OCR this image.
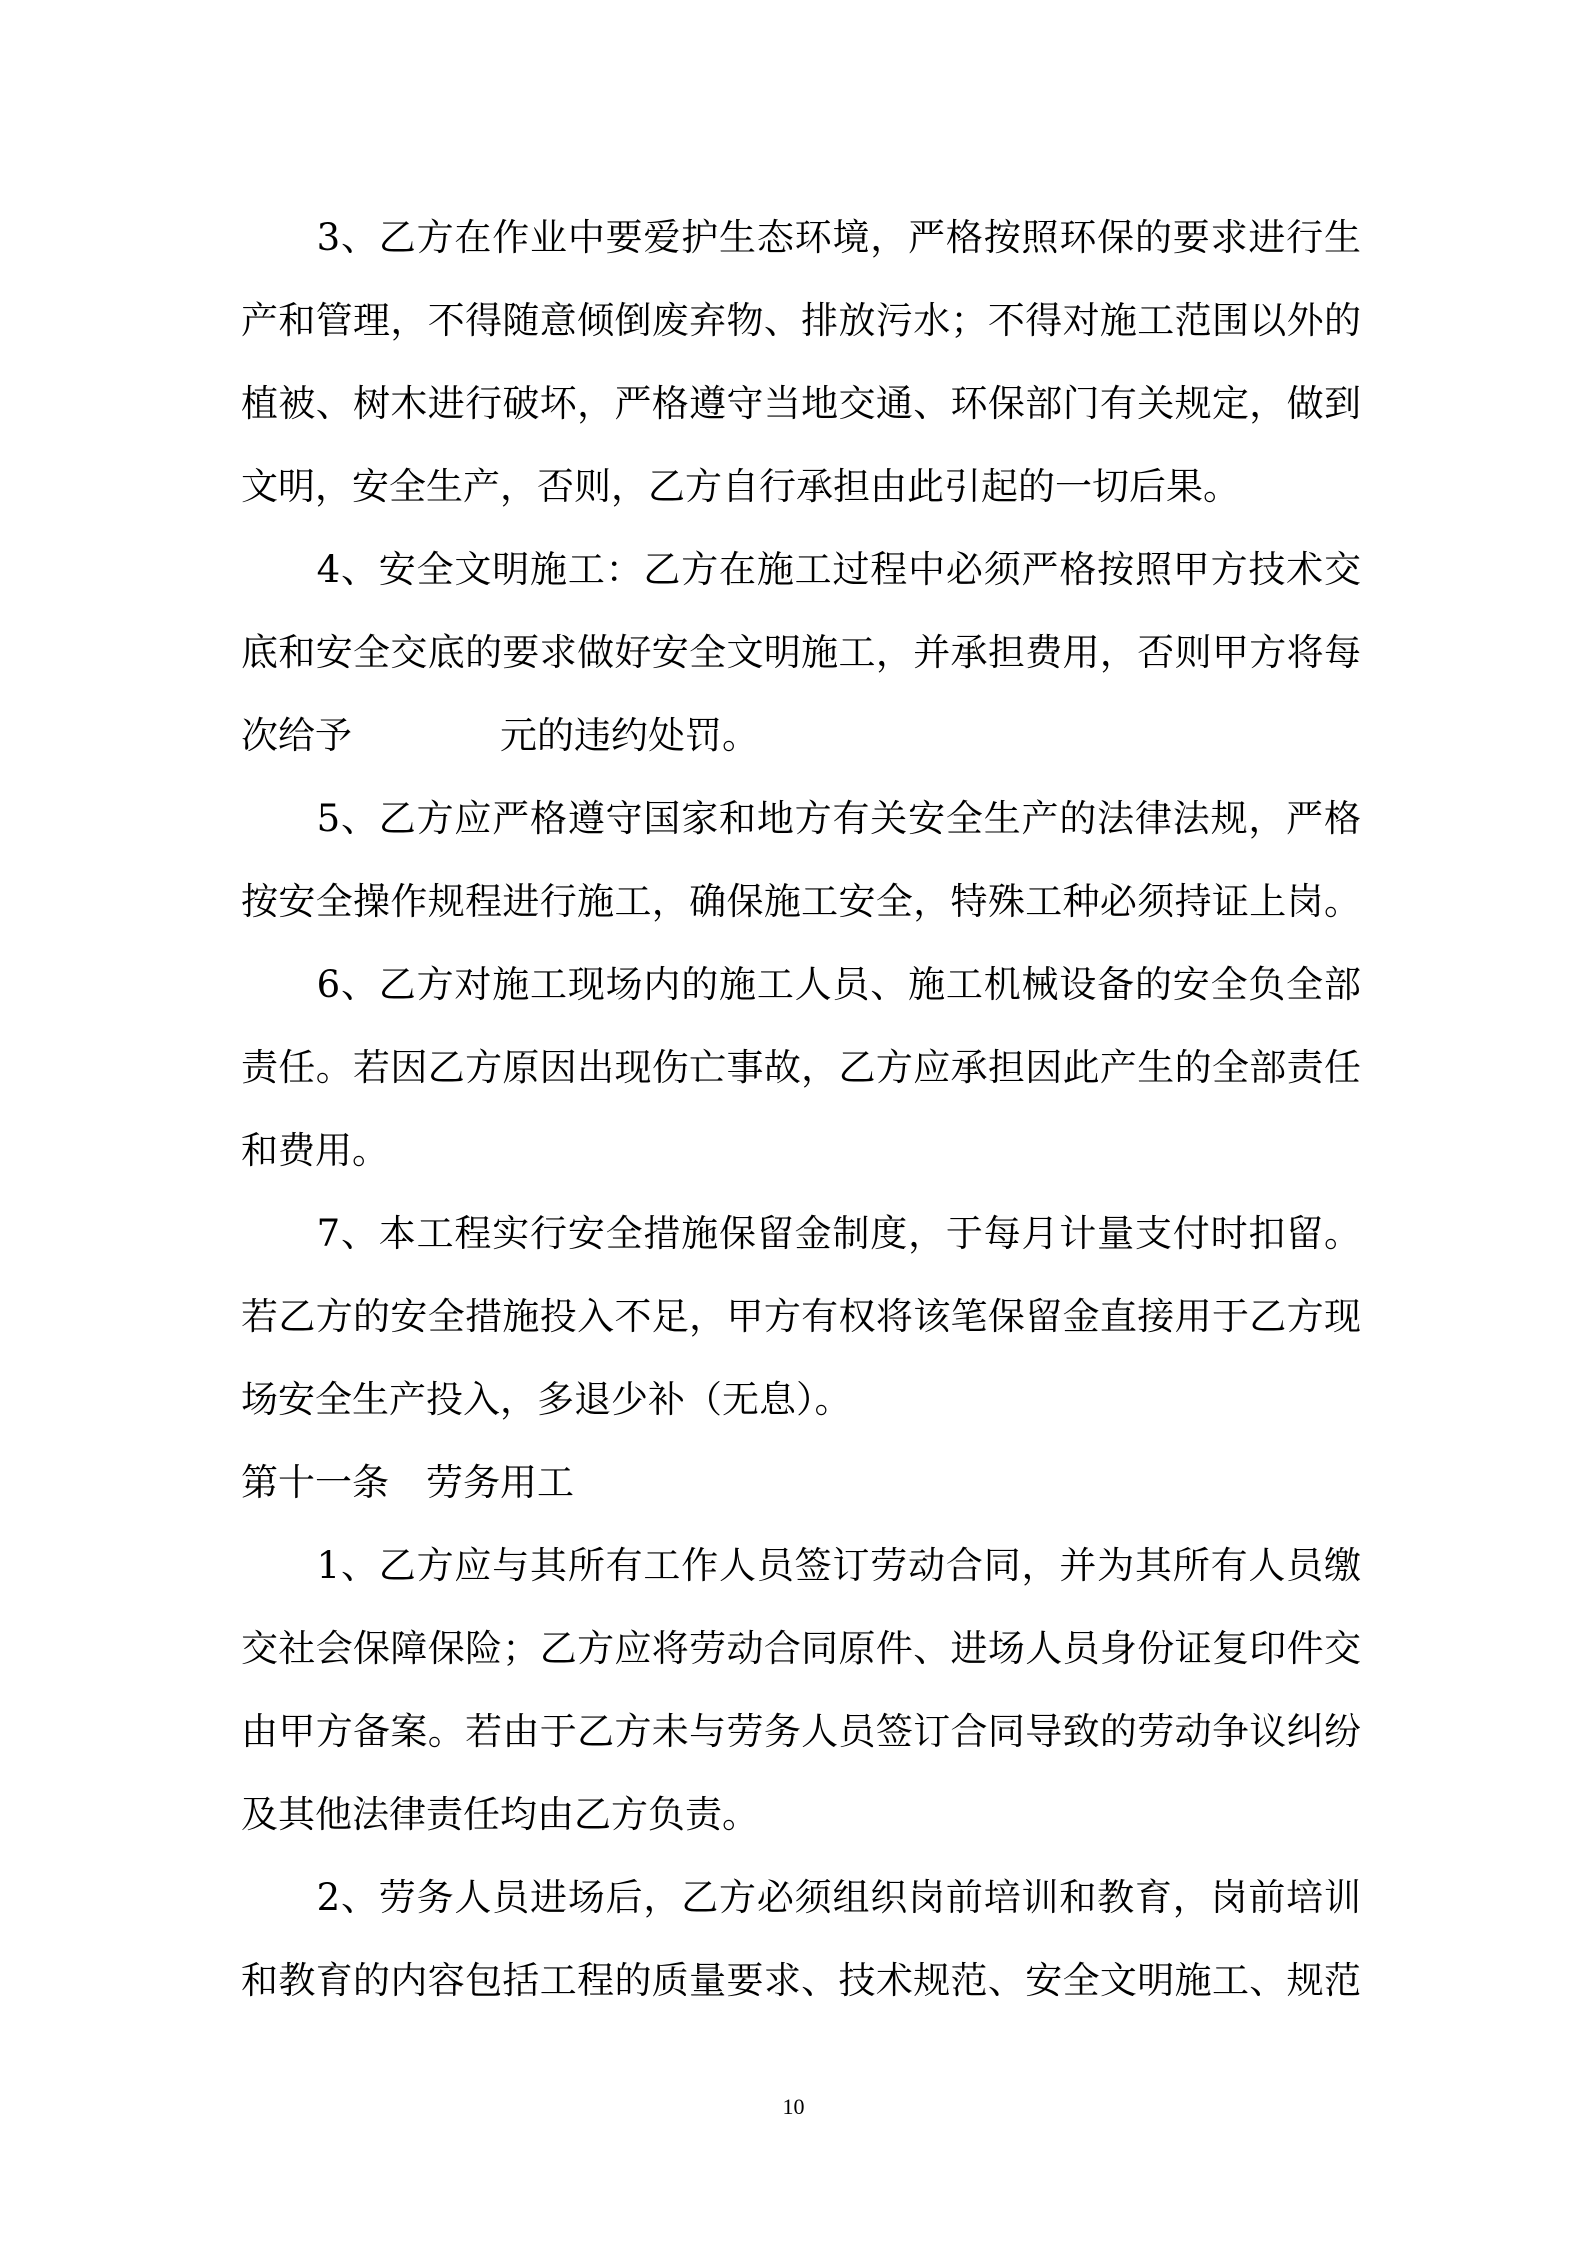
　　3、乙方在作业中要爱护生态环境，严格按照环保的要求进行生
产和管理，不得随意倾倒废弃物、排放污水；不得对施工范围以外的
植被、树木进行破坏，严格遵守当地交通、环保部门有关规定，做到
文明，安全生产，否则，乙方自行承担由此引起的一切后果。
　　4、安全文明施工：乙方在施工过程中必须严格按照甲方技术交
底和安全交底的要求做好安全文明施工，并承担费用，否则甲方将每
次给予　　　　元的违约处罚。
　　5、乙方应严格遵守国家和地方有关安全生产的法律法规，严格
按安全操作规程进行施工，确保施工安全，特殊工种必须持证上岗。
　　6、乙方对施工现场内的施工人员、施工机械设备的安全负全部
责任。若因乙方原因出现伤亡事故，乙方应承担因此产生的全部责任
和费用。
　　7、本工程实行安全措施保留金制度，于每月计量支付时扣留。
若乙方的安全措施投入不足，甲方有权将该笔保留金直接用于乙方现
场安全生产投入，多退少补（无息）。
第十一条　劳务用工
　　1、乙方应与其所有工作人员签订劳动合同，并为其所有人员缴
交社会保障保险；乙方应将劳动合同原件、进场人员身份证复印件交
由甲方备案。若由于乙方未与劳务人员签订合同导致的劳动争议纠纷
及其他法律责任均由乙方负责。
　　2、劳务人员进场后，乙方必须组织岗前培训和教育，岗前培训
和教育的内容包括工程的质量要求、技术规范、安全文明施工、规范
10
